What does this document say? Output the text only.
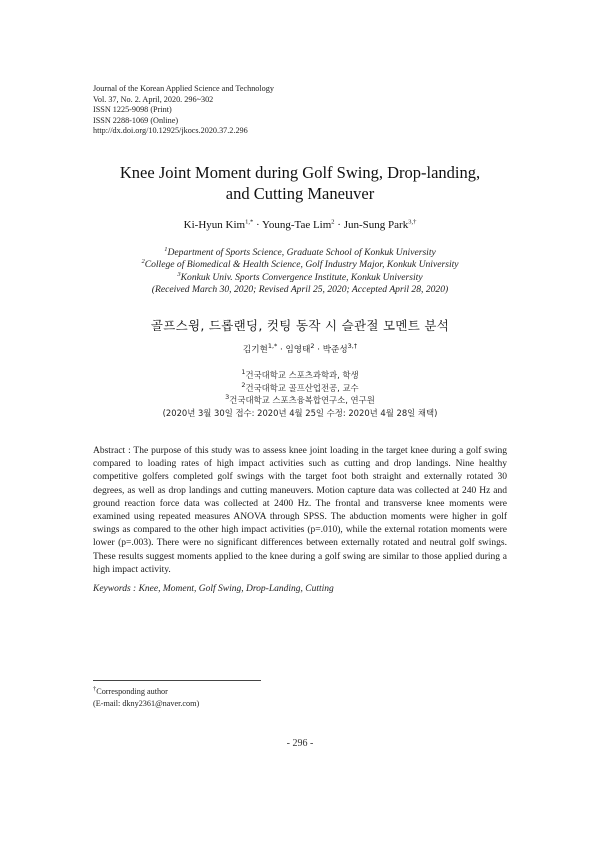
Journal of the Korean Applied Science and Technology
Vol. 37, No. 2. April, 2020. 296~302
ISSN 1225-9098 (Print)
ISSN 2288-1069 (Online)
http://dx.doi.org/10.12925/jkocs.2020.37.2.296
Knee Joint Moment during Golf Swing, Drop-landing,
and Cutting Maneuver
Ki-Hyun Kim$^{1,*}$ · Young-Tae Lim$^2$ · Jun-Sung Park$^{3,\dagger}$
$^1$Department of Sports Science, Graduate School of Konkuk University
$^2$College of Biomedical & Health Science, Golf Industry Major, Konkuk University
$^3$Konkuk Univ. Sports Convergence Institute, Konkuk University
(Received March 30, 2020; Revised April 25, 2020; Accepted April 28, 2020)
골프스윙, 드롭랜딩, 컷팅 동작 시 슬관절 모멘트 분석
김기현$^{1,*}$ · 임영태$^2$ · 박준성$^{3,\dagger}$
$^1$건국대학교 스포츠과학과, 학생
$^2$건국대학교 골프산업전공, 교수
$^3$건국대학교 스포츠융복합연구소, 연구원
(2020년 3월 30일 접수: 2020년 4월 25일 수정: 2020년 4월 28일 채택)
Abstract : The purpose of this study was to assess knee joint loading in the target knee during a golf swing compared to loading rates of high impact activities such as cutting and drop landings. Nine healthy competitive golfers completed golf swings with the target foot both straight and externally rotated 30 degrees, as well as drop landings and cutting maneuvers. Motion capture data was collected at 240 Hz and ground reaction force data was collected at 2400 Hz. The frontal and transverse knee moments were examined using repeated measures ANOVA through SPSS. The abduction moments were higher in golf swings as compared to the other high impact activities (p=.010), while the external rotation moments were lower (p=.003). There were no significant differences between externally rotated and neutral golf swings. These results suggest moments applied to the knee during a golf swing are similar to those applied during a high impact activity.
Keywords : Knee, Moment, Golf Swing, Drop-Landing, Cutting
†Corresponding author
(E-mail: dkny2361@naver.com)
- 296 -
